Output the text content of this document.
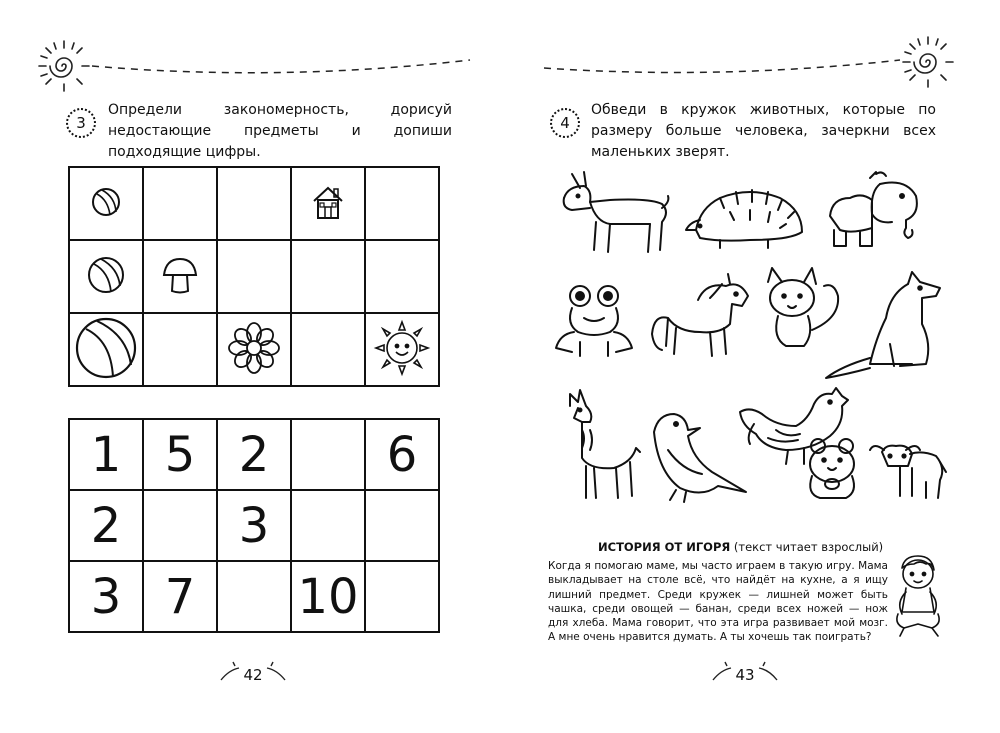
3
Определи закономерность, дорисуй недостающие предметы и допиши подходящие цифры.

1	5	2		6
2		3		
3	7		10	
42
4
Обведи в кружок животных, которые по размеру больше человека, зачеркни всех маленьких зверят.
ИСТОРИЯ ОТ ИГОРЯ (текст читает взрослый)
Когда я помогаю маме, мы часто играем в такую игру. Мама выкладывает на столе всё, что найдёт на кухне, а я ищу лишний предмет. Среди кружек — лишней может быть чашка, среди овощей — банан, среди всех ножей — нож для хлеба. Мама говорит, что эта игра развивает мой мозг. А мне очень нравится думать. А ты хочешь так поиграть?
43
